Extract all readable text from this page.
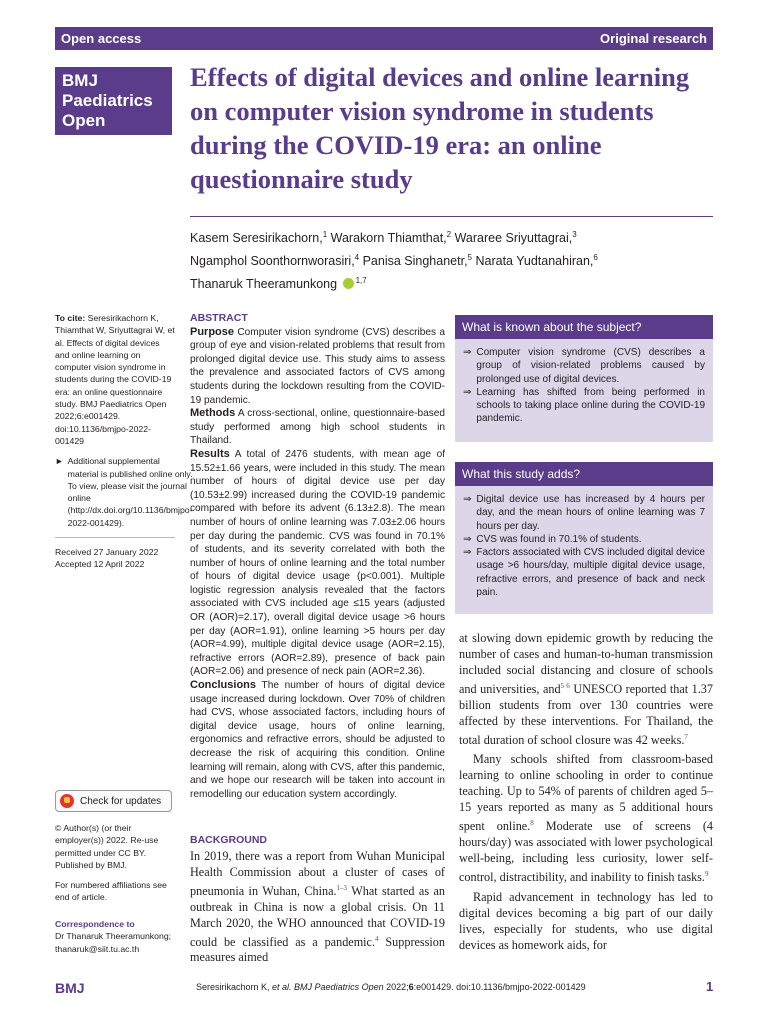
Open access	Original research
BMJ
Paediatrics
Open
Effects of digital devices and online learning on computer vision syndrome in students during the COVID-19 era: an online questionnaire study
Kasem Seresirikachorn,$^1$ Warakorn Thiamthat,$^2$ Wararee Sriyuttagrai,$^3$
Ngamphol Soonthornworasiri,$^4$ Panisa Singhanetr,$^5$ Narata Yudtanahiran,$^6$
Thanaruk Theeramunkong $^{1,7}$

To cite: Seresirikachorn K, Thiamthat W, Sriyuttagrai W, et al. Effects of digital devices and online learning on computer vision syndrome in students during the COVID-19 era: an online questionnaire study. BMJ Paediatrics Open 2022;6:e001429. doi:10.1136/bmjpo-2022-001429

► Additional supplemental material is published online only. To view, please visit the journal online (http://dx.doi.org/10.1136/bmjpo-2022-001429).
Received 27 January 2022
Accepted 12 April 2022
Check for updates

© Author(s) (or their employer(s)) 2022. Re-use permitted under CC BY. Published by BMJ.

For numbered affiliations see end of article.

Correspondence to
Dr Thanaruk Theeramunkong;
thanaruk@siit.tu.ac.th
ABSTRACT
Purpose Computer vision syndrome (CVS) describes a group of eye and vision-related problems that result from prolonged digital device use. This study aims to assess the prevalence and associated factors of CVS among students during the lockdown resulting from the COVID-19 pandemic.
Methods A cross-sectional, online, questionnaire-based study performed among high school students in Thailand.
Results A total of 2476 students, with mean age of 15.52±1.66 years, were included in this study. The mean number of hours of digital device use per day (10.53±2.99) increased during the COVID-19 pandemic compared with before its advent (6.13±2.8). The mean number of hours of online learning was 7.03±2.06 hours per day during the pandemic. CVS was found in 70.1% of students, and its severity correlated with both the number of hours of online learning and the total number of hours of digital device usage (p<0.001). Multiple logistic regression analysis revealed that the factors associated with CVS included age ≤15 years (adjusted OR (AOR)=2.17), overall digital device usage >6 hours per day (AOR=1.91), online learning >5 hours per day (AOR=4.99), multiple digital device usage (AOR=2.15), refractive errors (AOR=2.89), presence of back pain (AOR=2.06) and presence of neck pain (AOR=2.36).
Conclusions The number of hours of digital device usage increased during lockdown. Over 70% of children had CVS, whose associated factors, including hours of digital device usage, hours of online learning, ergonomics and refractive errors, should be adjusted to decrease the risk of acquiring this condition. Online learning will remain, along with CVS, after this pandemic, and we hope our research will be taken into account in remodelling our education system accordingly.
What is known about the subject?
⇒ Computer vision syndrome (CVS) describes a group of vision-related problems caused by prolonged use of digital devices.
⇒ Learning has shifted from being performed in schools to taking place online during the COVID-19 pandemic.
What this study adds?
⇒ Digital device use has increased by 4 hours per day, and the mean hours of online learning was 7 hours per day.
⇒ CVS was found in 70.1% of students.
⇒ Factors associated with CVS included digital device usage >6 hours/day, multiple digital device usage, refractive errors, and presence of back and neck pain.

at slowing down epidemic growth by reducing the number of cases and human-to-human transmission included social distancing and closure of schools and universities, and$^{5 6}$ UNESCO reported that 1.37 billion students from over 130 countries were affected by these interventions. For Thailand, the total duration of school closure was 42 weeks.$^7$

Many schools shifted from classroom-based learning to online schooling in order to continue teaching. Up to 54% of parents of children aged 5–15 years reported as many as 5 additional hours spent online.$^8$ Moderate use of screens (4 hours/day) was associated with lower psychological well-being, including less curiosity, lower self-control, distractibility, and inability to finish tasks.$^9$

Rapid advancement in technology has led to digital devices becoming a big part of our daily lives, especially for students, who use digital devices as homework aids, for

BACKGROUND

In 2019, there was a report from Wuhan Municipal Health Commission about a cluster of cases of pneumonia in Wuhan, China.$^{1-3}$ What started as an outbreak in China is now a global crisis. On 11 March 2020, the WHO announced that COVID-19 could be classified as a pandemic.$^4$ Suppression measures aimed

BMJ	Seresirikachorn K, et al. BMJ Paediatrics Open 2022;6:e001429. doi:10.1136/bmjpo-2022-001429	1
